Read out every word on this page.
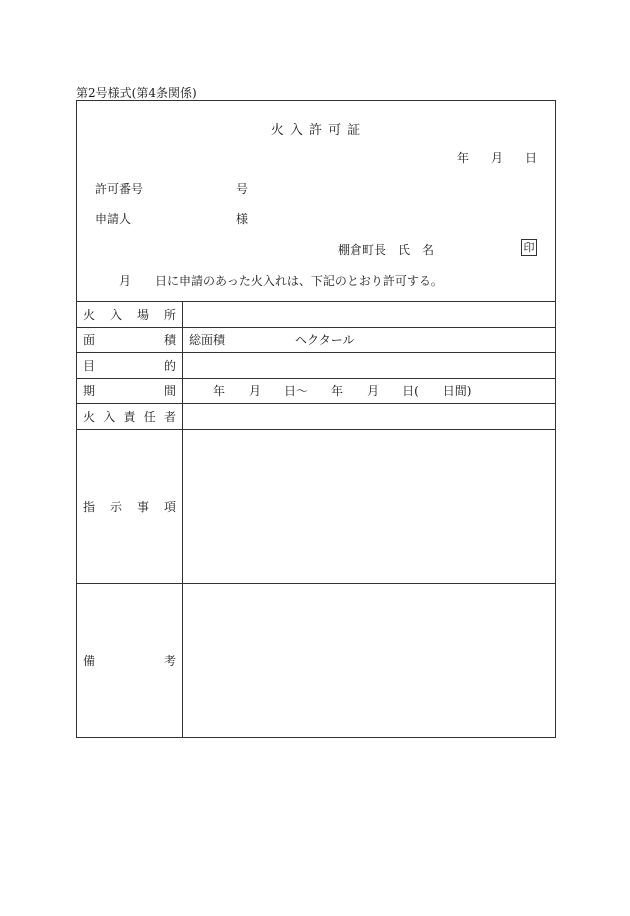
第2号様式(第4条関係)
火 入 許 可 証
年 月 日
許可番号	号
申請人	様
棚倉町長　氏　名	印
月　　日に申請のあった火入れは、下記のとおり許可する。
火入場所	
面積	総面積 ヘクタール
目的	
期間	年 月 日～ 年 月 日( 日間)
火入責任者	
指示事項	
備考	
